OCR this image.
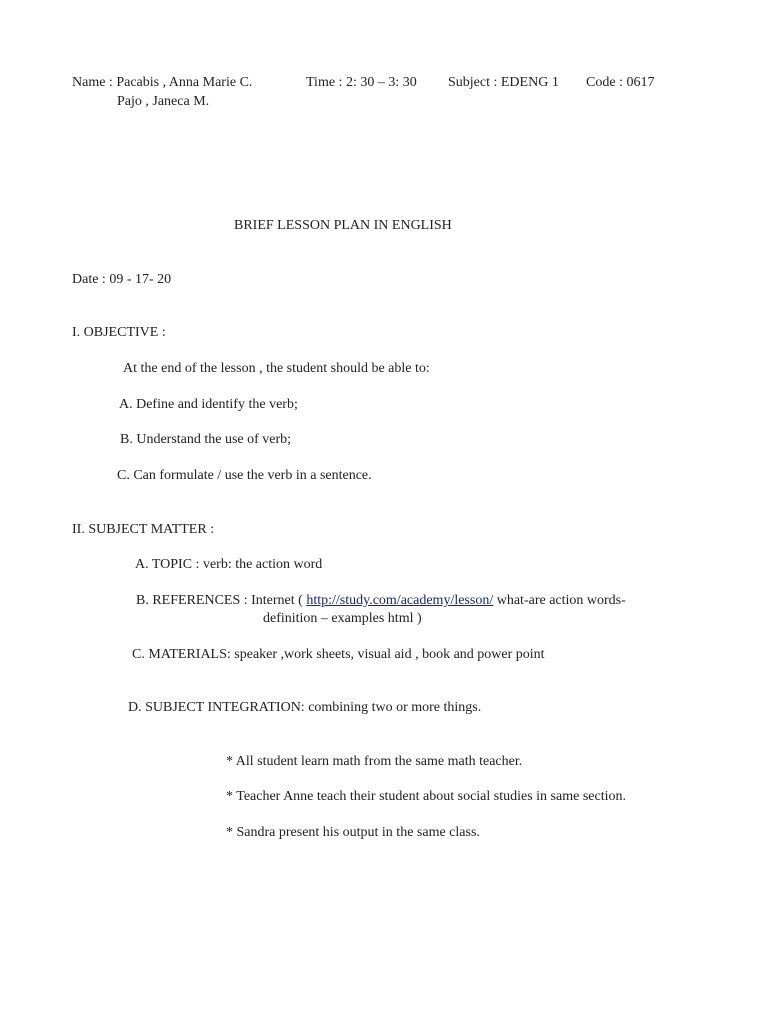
Name : Pacabis , Anna Marie C.
Pajo , Janeca M.
Time : 2: 30 – 3: 30 Subject : EDENG 1 Code : 0617
BRIEF LESSON PLAN IN ENGLISH
Date : 09 - 17- 20
I. OBJECTIVE :
At the end of the lesson , the student should be able to:
A. Define and identify the verb;
B. Understand the use of verb;
C. Can formulate / use the verb in a sentence.
II. SUBJECT MATTER :
A. TOPIC : verb: the action word
B. REFERENCES : Internet ( http://study.com/academy/lesson/ what-are action words-
definition – examples html )
C. MATERIALS: speaker ,work sheets, visual aid , book and power point
D. SUBJECT INTEGRATION: combining two or more things.
* All student learn math from the same math teacher.
* Teacher Anne teach their student about social studies in same section.
* Sandra present his output in the same class.
